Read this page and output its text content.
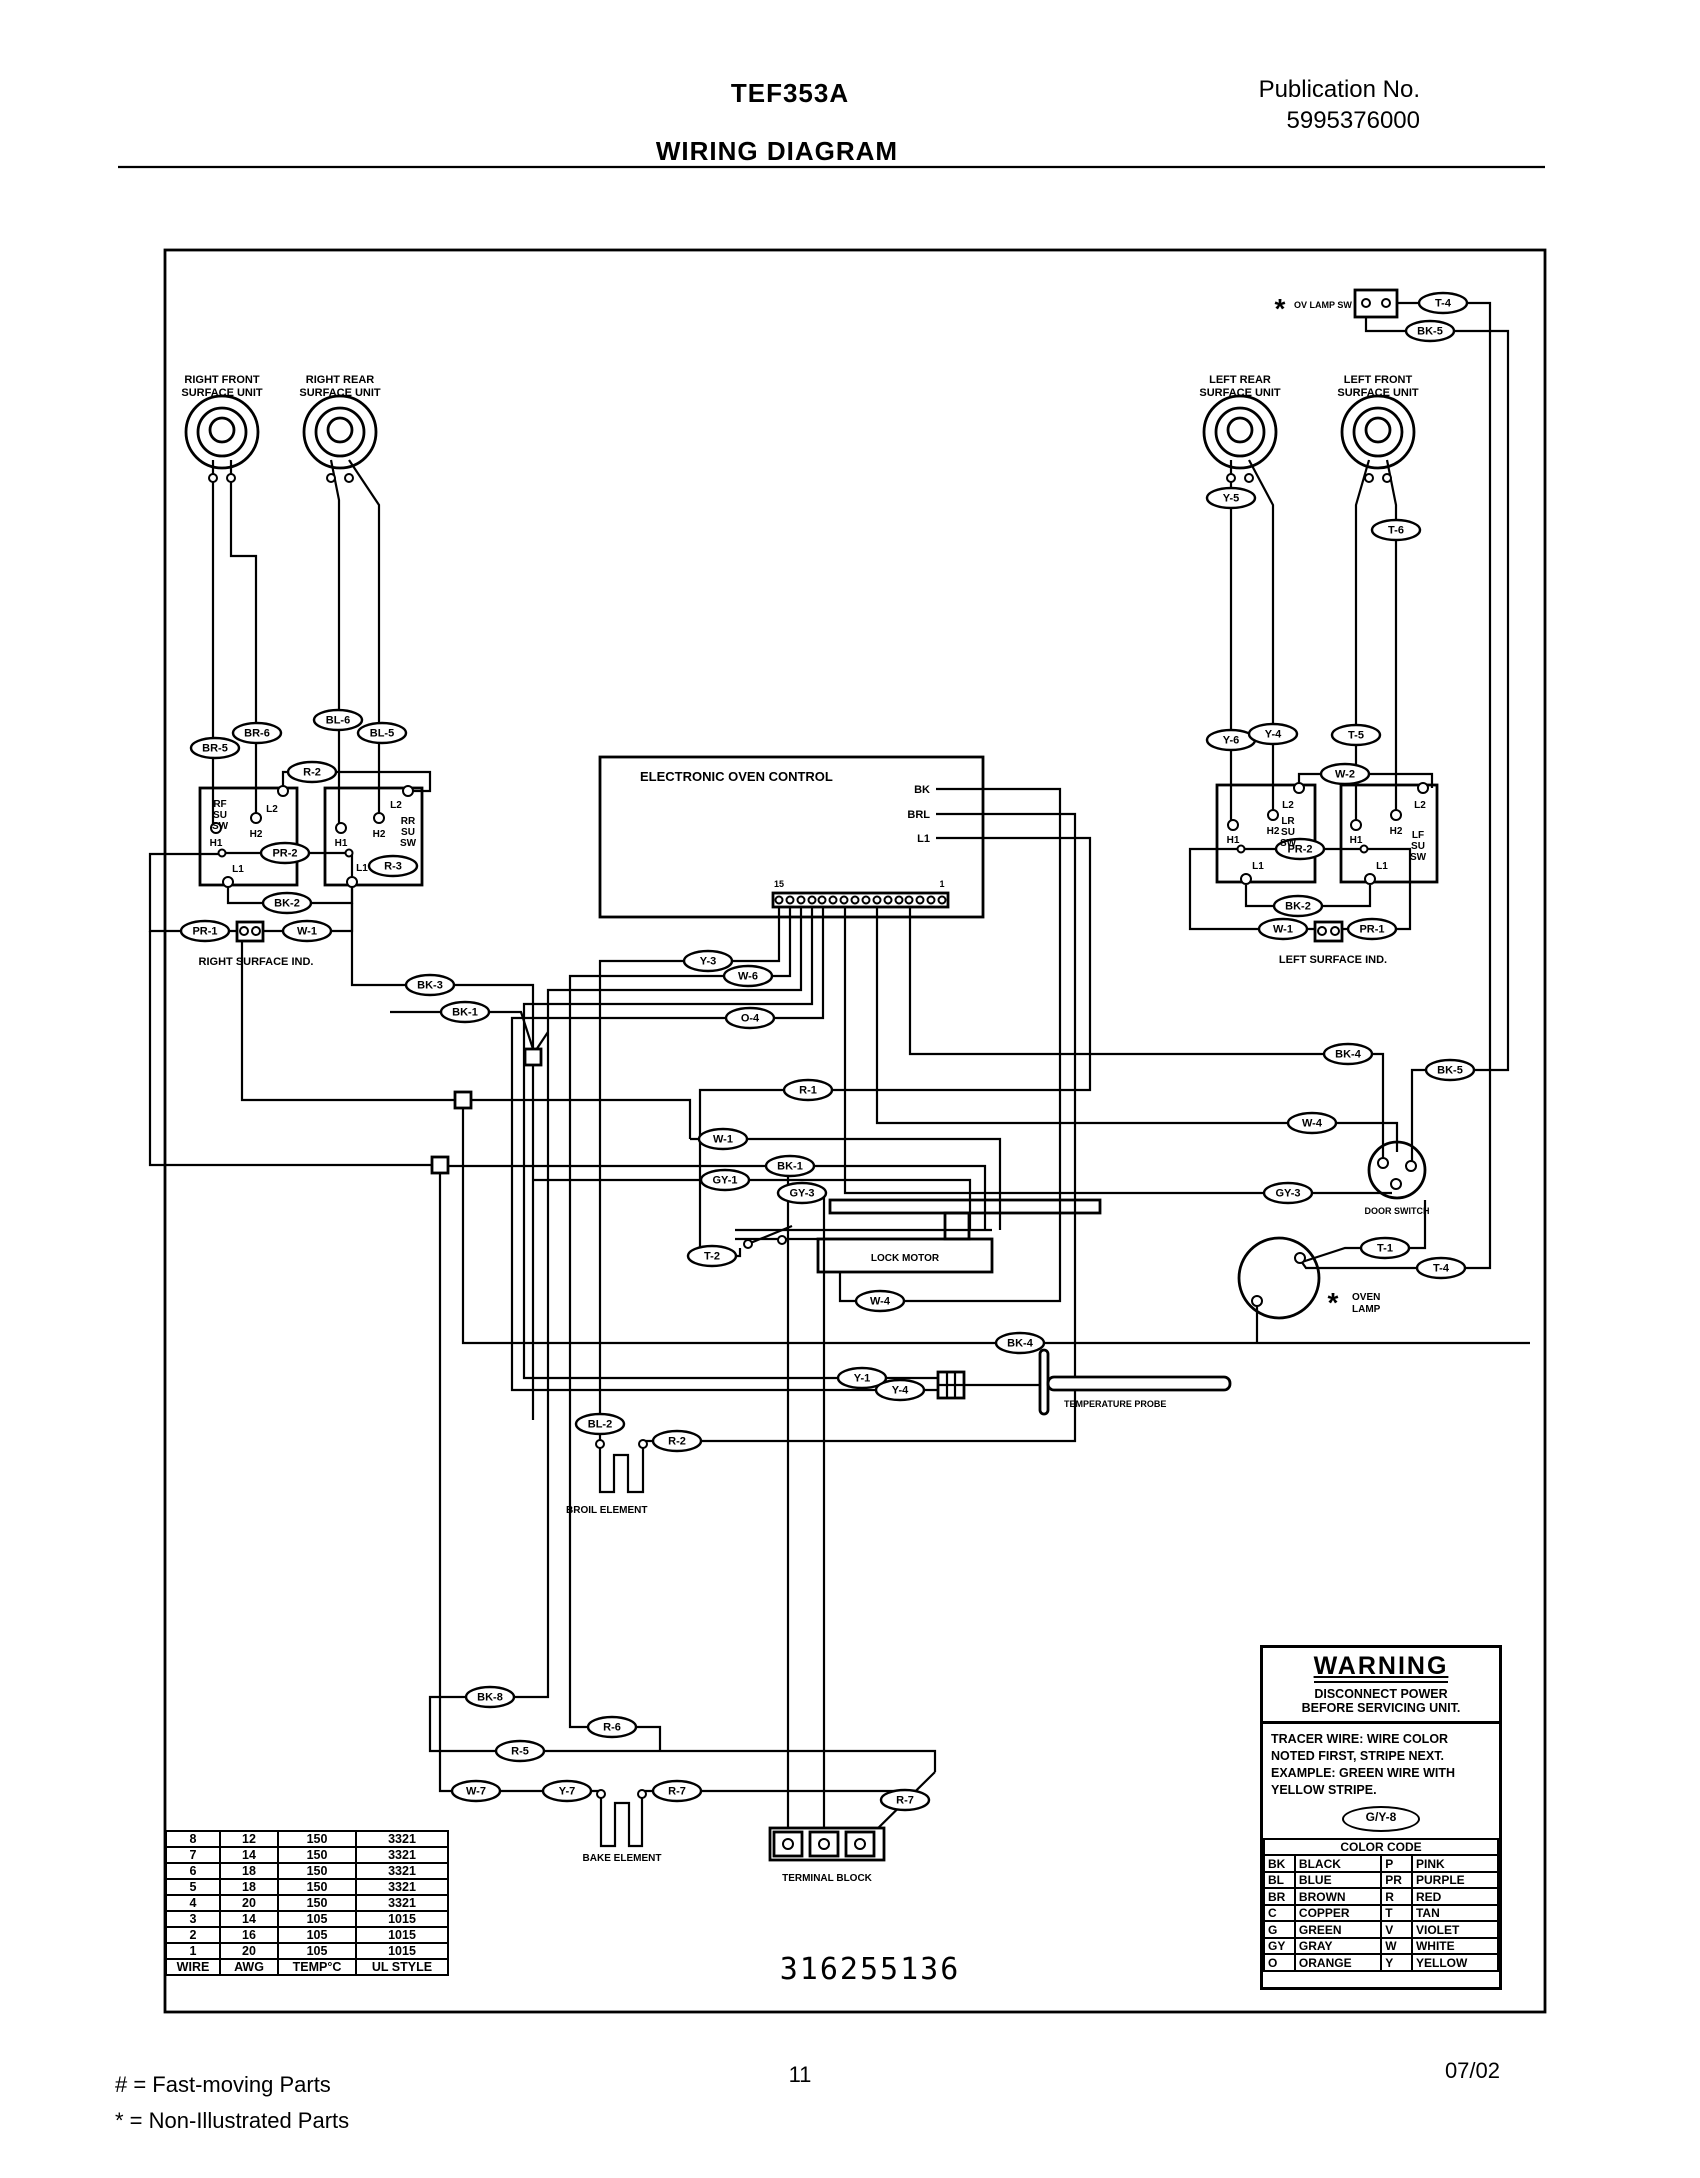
T-4
BK-5
BR-5
BR-6
BL-6
BL-5
R-2
PR-2
R-3
BK-2
PR-1	W-1
Y-5
T-6
Y-6 Y-4	T-5
W-2
PR-2
BK-2
W-1	PR-1
Y-3
W-6
BK-3
BK-1	O-4
BK-4
BK-5
R-1
W-4
W-1
BK-1
GY-1
GY-3	GY-3
T-2
T-1
T-4
W-4
BK-4
Y-1
Y-4
BL-2
R-2
BK-8
R-6
R-5
W-7	Y-7	R-7
R-7
RIGHT FRONT
SURFACE UNIT
RIGHT REAR
SURFACE UNIT
LEFT REAR
SURFACE UNIT
LEFT FRONT
SURFACE UNIT
* OV LAMP SW
RF
SU
SW
L2
H2
H1
L1
L2
RR
SU
SW
H2
H1
L1
L2
LR
SU
SW
H2
H1
L1
L2
LF
SU
SW
H2
H1
L1
RIGHT SURFACE IND.	LEFT SURFACE IND.
ELECTRONIC OVEN CONTROL
BK
BRL
L1
15	1
LOCK MOTOR
DOOR SWITCH
* OVEN
LAMP
TEMPERATURE PROBE
BROIL ELEMENT
BAKE ELEMENT
TERMINAL BLOCK
TEF353A	Publication No.
5995376000
WIRING DIAGRAM
316255136
8	12	150	3321
7	14	150	3321
6	18	150	3321
5	18	150	3321
4	20	150	3321
3	14	105	1015
2	16	105	1015
1	20	105	1015
WIRE	AWG	TEMP°C	UL STYLE
WARNING
DISCONNECT POWER
BEFORE SERVICING UNIT.
TRACER WIRE: WIRE COLOR
NOTED FIRST, STRIPE NEXT.
EXAMPLE: GREEN WIRE WITH
YELLOW STRIPE.
G/Y-8
COLOR CODE			
BK	BLACK	P	PINK
BL	BLUE	PR	PURPLE
BR	BROWN	R	RED
C	COPPER	T	TAN
G	GREEN	V	VIOLET
GY	GRAY	W	WHITE
O	ORANGE	Y	YELLOW
# = Fast-moving Parts
* = Non-Illustrated Parts
11	07/02
